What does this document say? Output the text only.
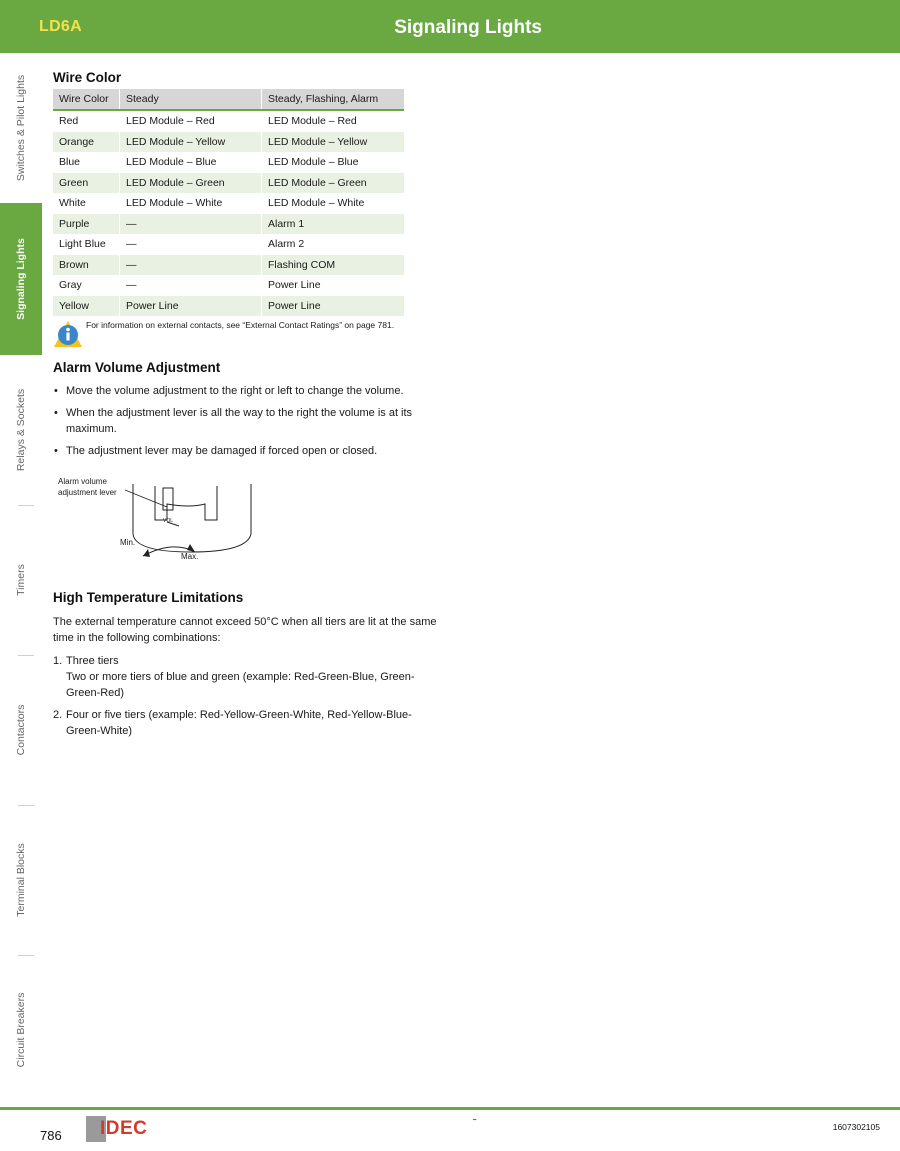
LD6A	Signaling Lights
Switches & Pilot Lights
Signaling Lights
Relays & Sockets
Timers
Contactors
Terminal Blocks
Circuit Breakers
Wire Color
Wire Color	Steady	Steady, Flashing, Alarm
Red	LED Module – Red	LED Module – Red
Orange	LED Module – Yellow	LED Module – Yellow
Blue	LED Module – Blue	LED Module – Blue
Green	LED Module – Green	LED Module – Green
White	LED Module – White	LED Module – White
Purple	—	Alarm 1
Light Blue	—	Alarm 2
Brown	—	Flashing COM
Gray	—	Power Line
Yellow	Power Line	Power Line
For information on external contacts, see “External Contact Ratings” on page 781.
Alarm Volume Adjustment
• Move the volume adjustment to the right or left to change the volume.
• When the adjustment lever is all the way to the right the volume is at its maximum.
• The adjustment lever may be damaged if forced open or closed.
Alarm volume
adjustment lever
VOL
Min.
Max.
High Temperature Limitations

The external temperature cannot exceed 50°C when all tiers are lit at the same time in the following combinations:

1. Three tiers
Two or more tiers of blue and green (example: Red-Green-Blue, Green-Green-Red)
2. Four or five tiers (example: Red-Yellow-Green-White, Red-Yellow-Blue-Green-White)
786 IDEC	˜	1607302105
